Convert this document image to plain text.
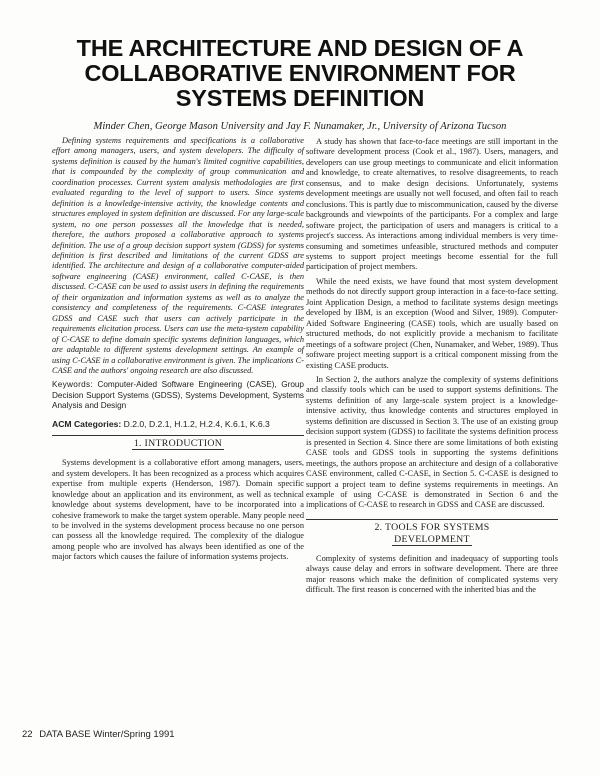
THE ARCHITECTURE AND DESIGN OF A
COLLABORATIVE ENVIRONMENT FOR
SYSTEMS DEFINITION
Minder Chen, George Mason University and Jay F. Nunamaker, Jr., University of Arizona Tucson

Defining systems requirements and specifications is a collaborative effort among managers, users, and system developers. The difficulty of systems definition is caused by the human's limited cognitive capabilities, that is compounded by the complexity of group communication and coordination processes. Current system analysis methodologies are first evaluated regarding to the level of support to users. Since systems definition is a knowledge-intensive activity, the knowledge contents and structures employed in system definition are discussed. For any large-scale system, no one person possesses all the knowledge that is needed, therefore, the authors proposed a collaborative approach to systems definition. The use of a group decision support system (GDSS) for systems definition is first described and limitations of the current GDSS are identified. The architecture and design of a collaborative computer-aided software engineering (CASE) environment, called C-CASE, is then discussed. C-CASE can be used to assist users in defining the requirements of their organization and information systems as well as to analyze the consistency and completeness of the requirements. C-CASE integrates GDSS and CASE such that users can actively participate in the requirements elicitation process. Users can use the meta-system capability of C-CASE to define domain specific systems definition languages, which are adaptable to different systems development settings. An example of using C-CASE in a collaborative environment is given. The implications C-CASE and the authors' ongoing research are also discussed.

Keywords: Computer-Aided Software Engineering (CASE), Group Decision Support Systems (GDSS), Systems Development, Systems Analysis and Design

ACM Categories: D.2.0, D.2.1, H.1.2, H.2.4, K.6.1, K.6.3

1. INTRODUCTION

Systems development is a collaborative effort among managers, users, and system developers. It has been recognized as a process which acquires expertise from multiple experts (Henderson, 1987). Domain specific knowledge about an application and its environment, as well as technical knowledge about systems development, have to be incorporated into a cohesive framework to make the target system operable. Many people need to be involved in the systems development process because no one person can possess all the knowledge required. The complexity of the dialogue among people who are involved has always been identified as one of the major factors which causes the failure of information systems projects.

A study has shown that face-to-face meetings are still important in the software development process (Cook et al., 1987). Users, managers, and developers can use group meetings to communicate and elicit information and knowledge, to create alternatives, to resolve disagreements, to reach consensus, and to make design decisions. Unfortunately, systems development meetings are usually not well focused, and often fail to reach conclusions. This is partly due to miscommunication, caused by the diverse backgrounds and viewpoints of the participants. For a complex and large software project, the participation of users and managers is critical to a project's success. As interactions among individual members is very time-consuming and sometimes unfeasible, structured methods and computer systems to support project meetings become essential for the full participation of project members.

While the need exists, we have found that most system development methods do not directly support group interaction in a face-to-face setting. Joint Application Design, a method to facilitate systems design meetings developed by IBM, is an exception (Wood and Silver, 1989). Computer-Aided Software Engineering (CASE) tools, which are usually based on structured methods, do not explicitly provide a mechanism to facilitate meetings of a software project (Chen, Nunamaker, and Weber, 1989). Thus software project meeting support is a critical component missing from the existing CASE products.

In Section 2, the authors analyze the complexity of systems definitions and classify tools which can be used to support systems definitions. The systems definition of any large-scale system project is a knowledge-intensive activity, thus knowledge contents and structures employed in systems definition are discussed in Section 3. The use of an existing group decision support system (GDSS) to facilitate the systems definition process is presented in Section 4. Since there are some limitations of both existing CASE tools and GDSS tools in supporting the systems definitions meetings, the authors propose an architecture and design of a collaborative CASE environment, called C-CASE, in Section 5. C-CASE is designed to support a project team to define systems requirements in meetings. An example of using C-CASE is demonstrated in Section 6 and the implications of C-CASE to research in GDSS and CASE are discussed.

2. TOOLS FOR SYSTEMS
DEVELOPMENT

Complexity of systems definition and inadequacy of supporting tools always cause delay and errors in software development. There are three major reasons which make the definition of complicated systems very difficult. The first reason is concerned with the inherited bias and the

22 DATA BASE Winter/Spring 1991
